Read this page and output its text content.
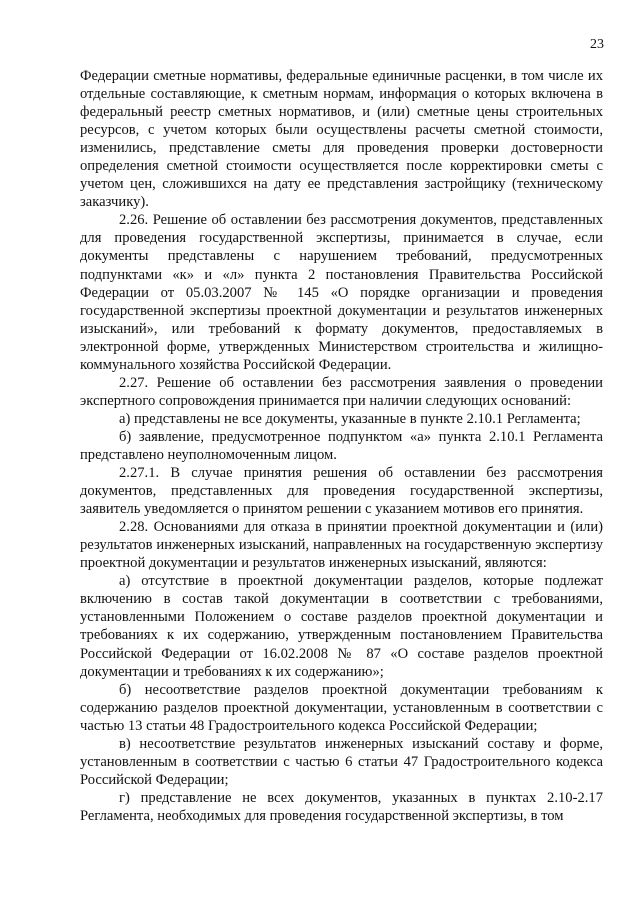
23

Федерации сметные нормативы, федеральные единичные расценки, в том числе их отдельные составляющие, к сметным нормам, информация о которых включена в федеральный реестр сметных нормативов, и (или) сметные цены строительных ресурсов, с учетом которых были осуществлены расчеты сметной стоимости, изменились, представление сметы для проведения проверки достоверности определения сметной стоимости осуществляется после корректировки сметы с учетом цен, сложившихся на дату ее представления застройщику (техническому заказчику).

2.26. Решение об оставлении без рассмотрения документов, представленных для проведения государственной экспертизы, принимается в случае, если документы представлены с нарушением требований, предусмотренных подпунктами «к» и «л» пункта 2 постановления Правительства Российской Федерации от 05.03.2007 № 145 «О порядке организации и проведения государственной экспертизы проектной документации и результатов инженерных изысканий», или требований к формату документов, предоставляемых в электронной форме, утвержденных Министерством строительства и жилищно-коммунального хозяйства Российской Федерации.

2.27. Решение об оставлении без рассмотрения заявления о проведении экспертного сопровождения принимается при наличии следующих оснований:

а) представлены не все документы, указанные в пункте 2.10.1 Регламента;

б) заявление, предусмотренное подпунктом «а» пункта 2.10.1 Регламента представлено неуполномоченным лицом.

2.27.1. В случае принятия решения об оставлении без рассмотрения документов, представленных для проведения государственной экспертизы, заявитель уведомляется о принятом решении с указанием мотивов его принятия.

2.28. Основаниями для отказа в принятии проектной документации и (или) результатов инженерных изысканий, направленных на государственную экспертизу проектной документации и результатов инженерных изысканий, являются:

а) отсутствие в проектной документации разделов, которые подлежат включению в состав такой документации в соответствии с требованиями, установленными Положением о составе разделов проектной документации и требованиях к их содержанию, утвержденным постановлением Правительства Российской Федерации от 16.02.2008 № 87 «О составе разделов проектной документации и требованиях к их содержанию»;

б) несоответствие разделов проектной документации требованиям к содержанию разделов проектной документации, установленным в соответствии с частью 13 статьи 48 Градостроительного кодекса Российской Федерации;

в) несоответствие результатов инженерных изысканий составу и форме, установленным в соответствии с частью 6 статьи 47 Градостроительного кодекса Российской Федерации;

г) представление не всех документов, указанных в пунктах 2.10-2.17 Регламента, необходимых для проведения государственной экспертизы, в том
